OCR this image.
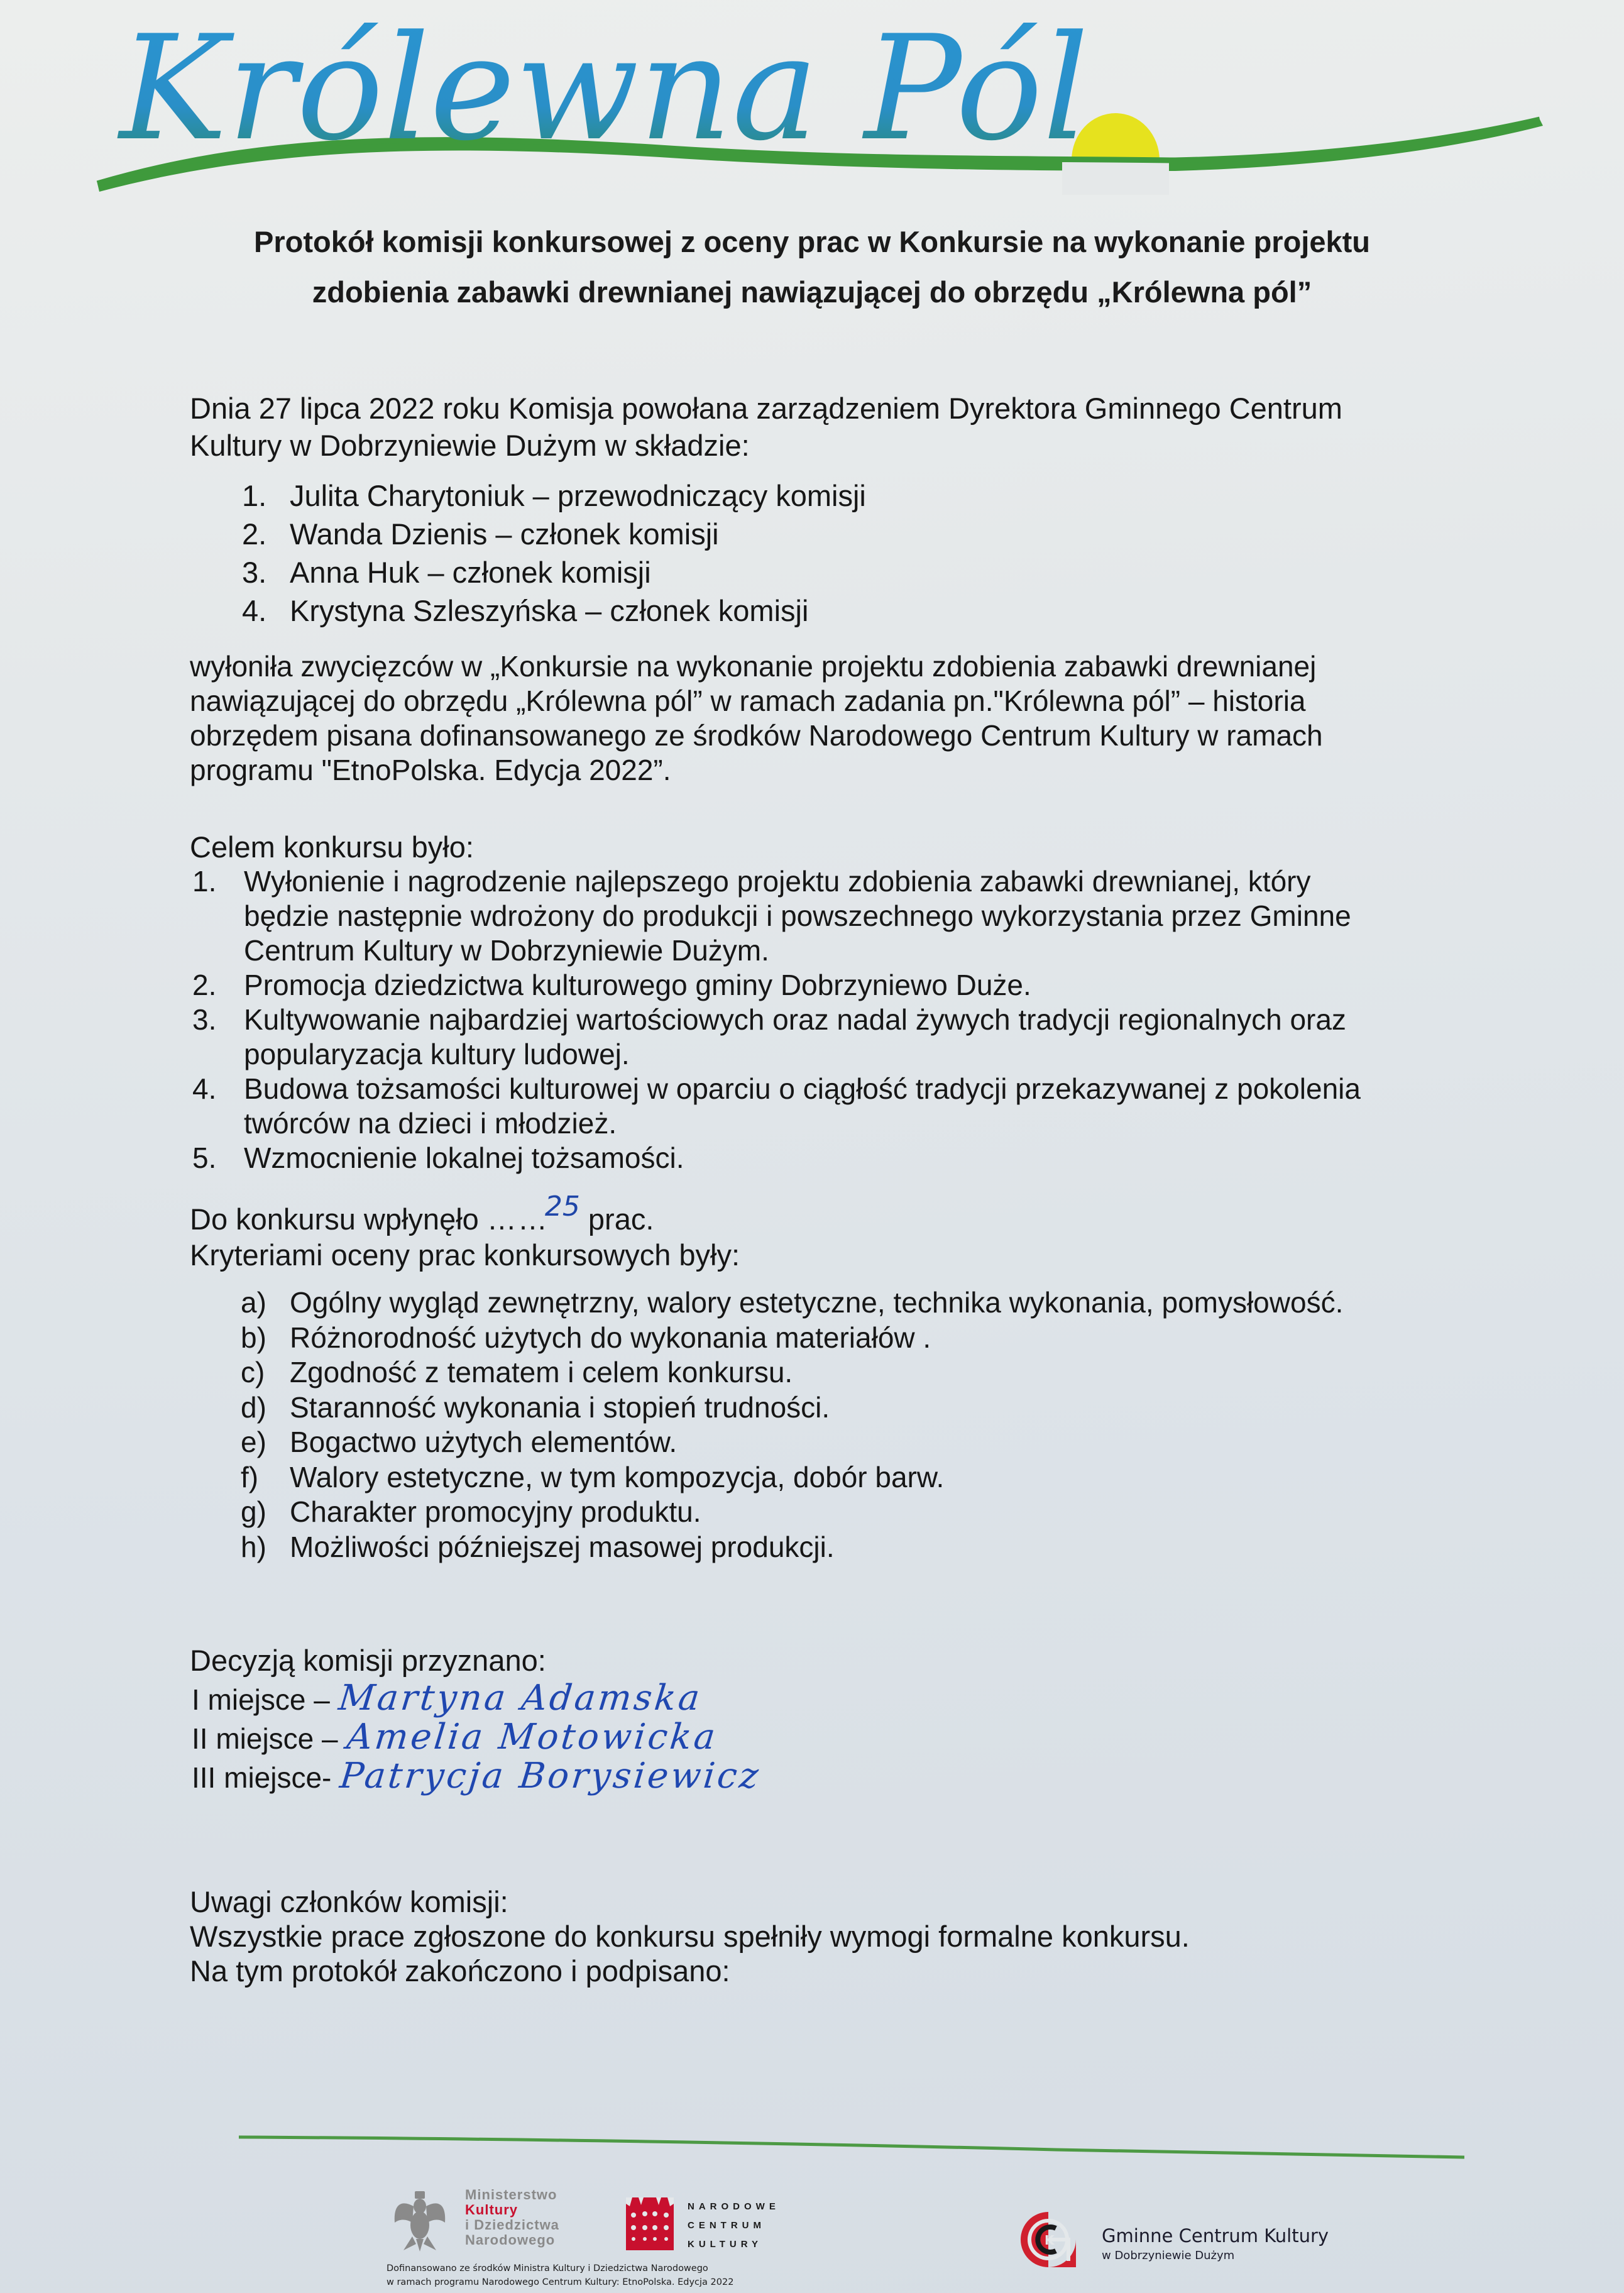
Królewna Pól
Protokół komisji konkursowej z oceny prac w Konkursie na wykonanie projektu
zdobienia zabawki drewnianej nawiązującej do obrzędu „Królewna pól”
Dnia 27 lipca 2022 roku Komisja powołana zarządzeniem Dyrektora Gminnego Centrum
Kultury w Dobrzyniewie Dużym w składzie:
1. Julita Charytoniuk – przewodniczący komisji
2. Wanda Dzienis – członek komisji
3. Anna Huk – członek komisji
4. Krystyna Szleszyńska – członek komisji
wyłoniła zwycięzców w „Konkursie na wykonanie projektu zdobienia zabawki drewnianej
nawiązującej do obrzędu „Królewna pól” w ramach zadania pn."Królewna pól” – historia
obrzędem pisana dofinansowanego ze środków Narodowego Centrum Kultury w ramach
programu "EtnoPolska. Edycja 2022”.
Celem konkursu było:
1. Wyłonienie i nagrodzenie najlepszego projektu zdobienia zabawki drewnianej, który
będzie następnie wdrożony do produkcji i powszechnego wykorzystania przez Gminne
Centrum Kultury w Dobrzyniewie Dużym.
2. Promocja dziedzictwa kulturowego gminy Dobrzyniewo Duże.
3. Kultywowanie najbardziej wartościowych oraz nadal żywych tradycji regionalnych oraz
popularyzacja kultury ludowej.
4. Budowa tożsamości kulturowej w oparciu o ciągłość tradycji przekazywanej z pokolenia
twórców na dzieci i młodzież.
5. Wzmocnienie lokalnej tożsamości.
Do konkursu wpłynęło ……25 prac.
Kryteriami oceny prac konkursowych były:
a) Ogólny wygląd zewnętrzny, walory estetyczne, technika wykonania, pomysłowość.
b) Różnorodność użytych do wykonania materiałów .
c) Zgodność z tematem i celem konkursu.
d) Staranność wykonania i stopień trudności.
e) Bogactwo użytych elementów.
f)	Walory estetyczne, w tym kompozycja, dobór barw.
g) Charakter promocyjny produktu.
h) Możliwości późniejszej masowej produkcji.
Decyzją komisji przyznano:
I miejsce – Martyna Adamska
II miejsce – Amelia Motowicka
III miejsce- Patrycja Borysiewicz
Uwagi członków komisji:
Wszystkie prace zgłoszone do konkursu spełniły wymogi formalne konkursu.
Na tym protokół zakończono i podpisano:
Ministerstwo
Kultury
i Dziedzictwa
Narodowego
NARODOWE
CENTRUM
KULTURY
Dofinansowano ze środków Ministra Kultury i Dziedzictwa Narodowego
w ramach programu Narodowego Centrum Kultury: EtnoPolska. Edycja 2022
K	Gminne Centrum Kultury
w Dobrzyniewie Dużym
